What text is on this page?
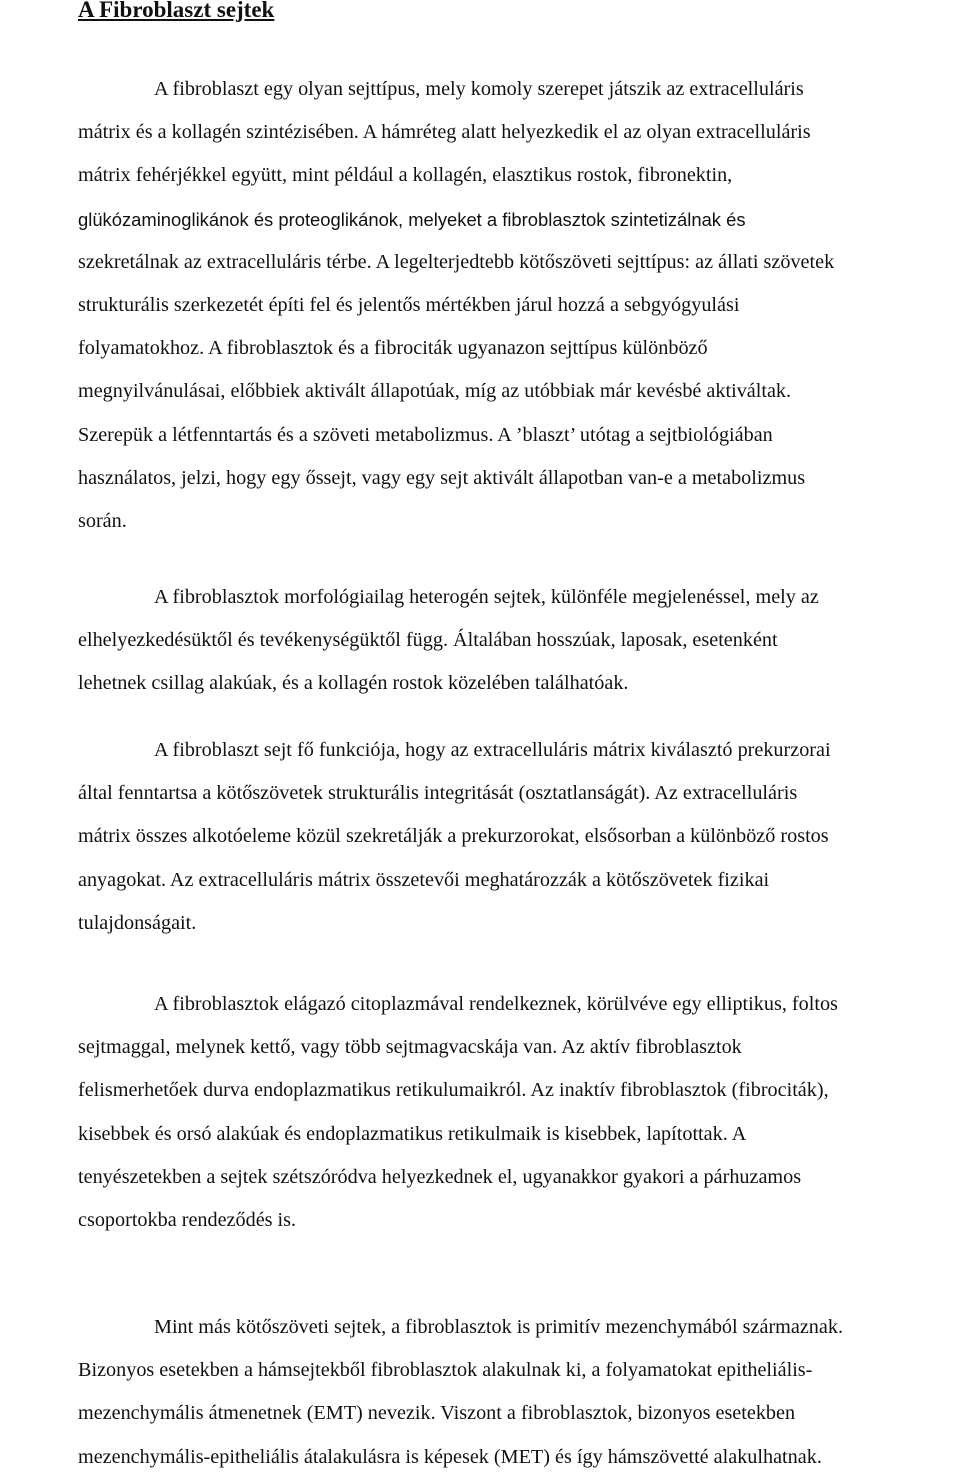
A Fibroblaszt sejtek

A fibroblaszt egy olyan sejttípus, mely komoly szerepet játszik az extracelluláris
mátrix és a kollagén szintézisében. A hámréteg alatt helyezkedik el az olyan extracelluláris
mátrix fehérjékkel együtt, mint például a kollagén, elasztikus rostok, fibronektin,
glükózaminoglikánok és proteoglikánok, melyeket a fibroblasztok szintetizálnak és
szekretálnak az extracelluláris térbe. A legelterjedtebb kötőszöveti sejttípus: az állati szövetek
strukturális szerkezetét építi fel és jelentős mértékben járul hozzá a sebgyógyulási
folyamatokhoz. A fibroblasztok és a fibrociták ugyanazon sejttípus különböző
megnyilvánulásai, előbbiek aktivált állapotúak, míg az utóbbiak már kevésbé aktiváltak.
Szerepük a létfenntartás és a szöveti metabolizmus. A ’blaszt’ utótag a sejtbiológiában
használatos, jelzi, hogy egy őssejt, vagy egy sejt aktivált állapotban van-e a metabolizmus
során.

A fibroblasztok morfológiailag heterogén sejtek, különféle megjelenéssel, mely az
elhelyezkedésüktől és tevékenységüktől függ. Általában hosszúak, laposak, esetenként
lehetnek csillag alakúak, és a kollagén rostok közelében találhatóak.

A fibroblaszt sejt fő funkciója, hogy az extracelluláris mátrix kiválasztó prekurzorai
által fenntartsa a kötőszövetek strukturális integritását (osztatlanságát). Az extracelluláris
mátrix összes alkotóeleme közül szekretálják a prekurzorokat, elsősorban a különböző rostos
anyagokat. Az extracelluláris mátrix összetevői meghatározzák a kötőszövetek fizikai
tulajdonságait.

A fibroblasztok elágazó citoplazmával rendelkeznek, körülvéve egy elliptikus, foltos
sejtmaggal, melynek kettő, vagy több sejtmagvacskája van. Az aktív fibroblasztok
felismerhetőek durva endoplazmatikus retikulumaikról. Az inaktív fibroblasztok (fibrociták),
kisebbek és orsó alakúak és endoplazmatikus retikulmaik is kisebbek, lapítottak. A
tenyészetekben a sejtek szétszóródva helyezkednek el, ugyanakkor gyakori a párhuzamos
csoportokba rendeződés is.

Mint más kötőszöveti sejtek, a fibroblasztok is primitív mezenchymából származnak.
Bizonyos esetekben a hámsejtekből fibroblasztok alakulnak ki, a folyamatokat epitheliális-
mezenchymális átmenetnek (EMT) nevezik. Viszont a fibroblasztok, bizonyos esetekben
mezenchymális-epitheliális átalakulásra is képesek (MET) és így hámszövetté alakulhatnak.
